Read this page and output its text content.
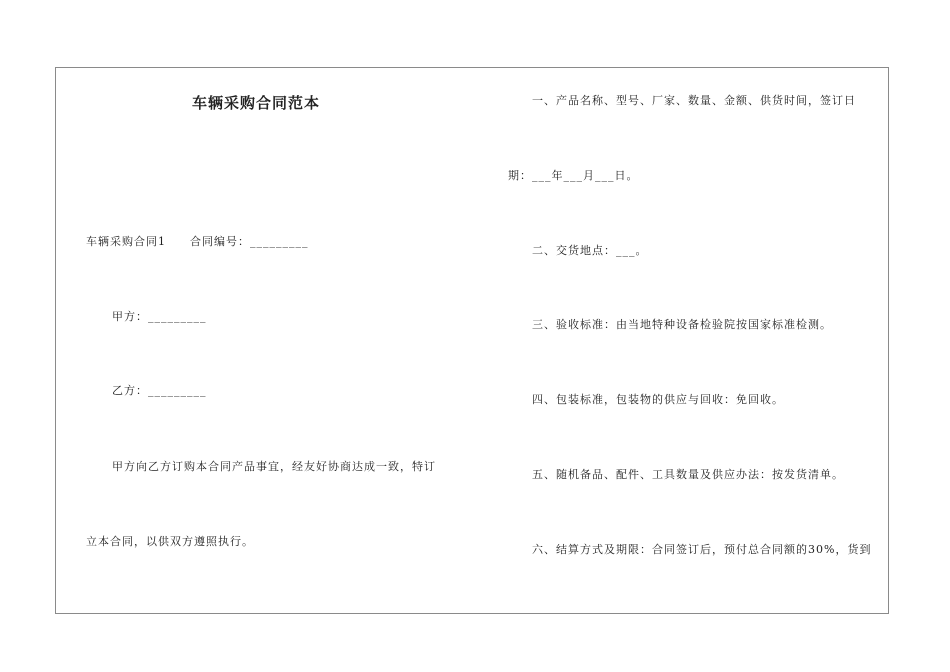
车辆采购合同范本
车辆采购合同1 合同编号：_________
甲方：_________
乙方：_________
甲方向乙方订购本合同产品事宜，经友好协商达成一致，特订
立本合同，以供双方遵照执行。
一、产品名称、型号、厂家、数量、金额、供货时间，签订日
期：___年___月___日。
二、交货地点：___。
三、验收标准：由当地特种设备检验院按国家标准检测。
四、包装标准，包装物的供应与回收：免回收。
五、随机备品、配件、工具数量及供应办法：按发货清单。
六、结算方式及期限：合同签订后，预付总合同额的30%，货到
